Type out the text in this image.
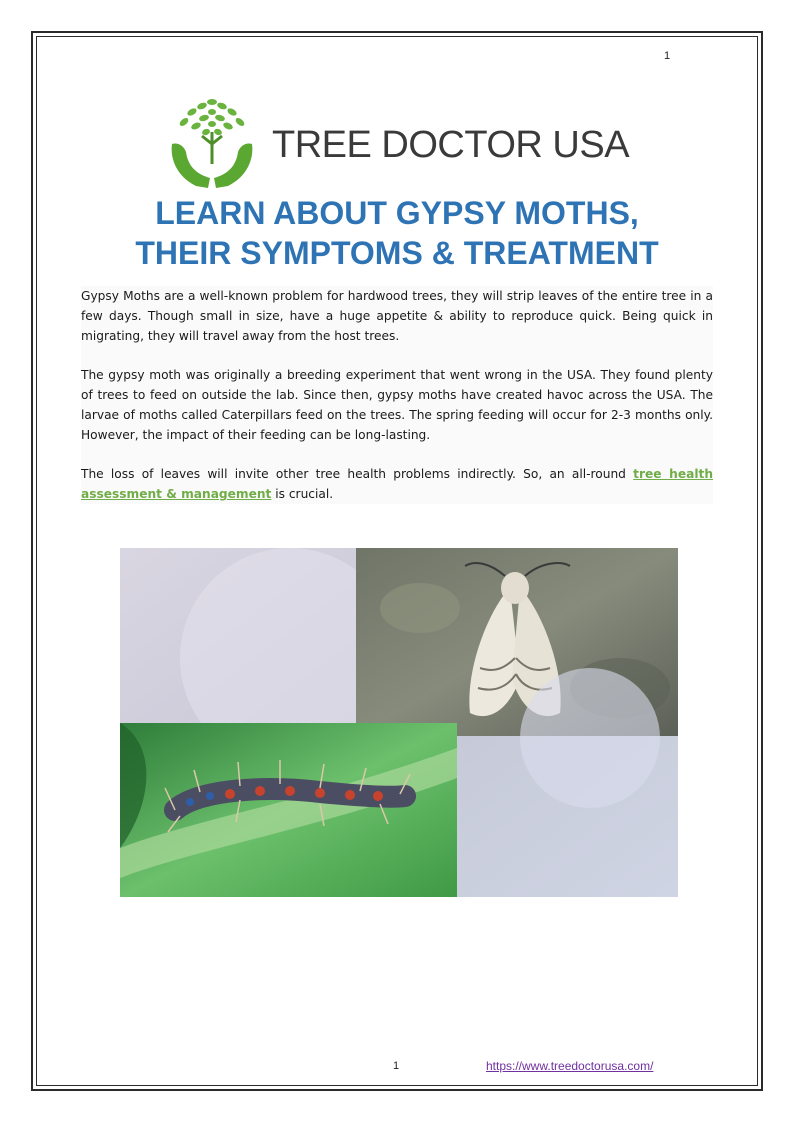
1
TREE DOCTOR USA
LEARN ABOUT GYPSY MOTHS,
THEIR SYMPTOMS & TREATMENT

Gypsy Moths are a well-known problem for hardwood trees, they will strip leaves of the entire tree in a few days. Though small in size, have a huge appetite & ability to reproduce quick. Being quick in migrating, they will travel away from the host trees.

The gypsy moth was originally a breeding experiment that went wrong in the USA. They found plenty of trees to feed on outside the lab. Since then, gypsy moths have created havoc across the USA. The larvae of moths called Caterpillars feed on the trees. The spring feeding will occur for 2-3 months only. However, the impact of their feeding can be long-lasting.

The loss of leaves will invite other tree health problems indirectly. So, an all-round tree health assessment & management is crucial.

1	https://www.treedoctorusa.com/
